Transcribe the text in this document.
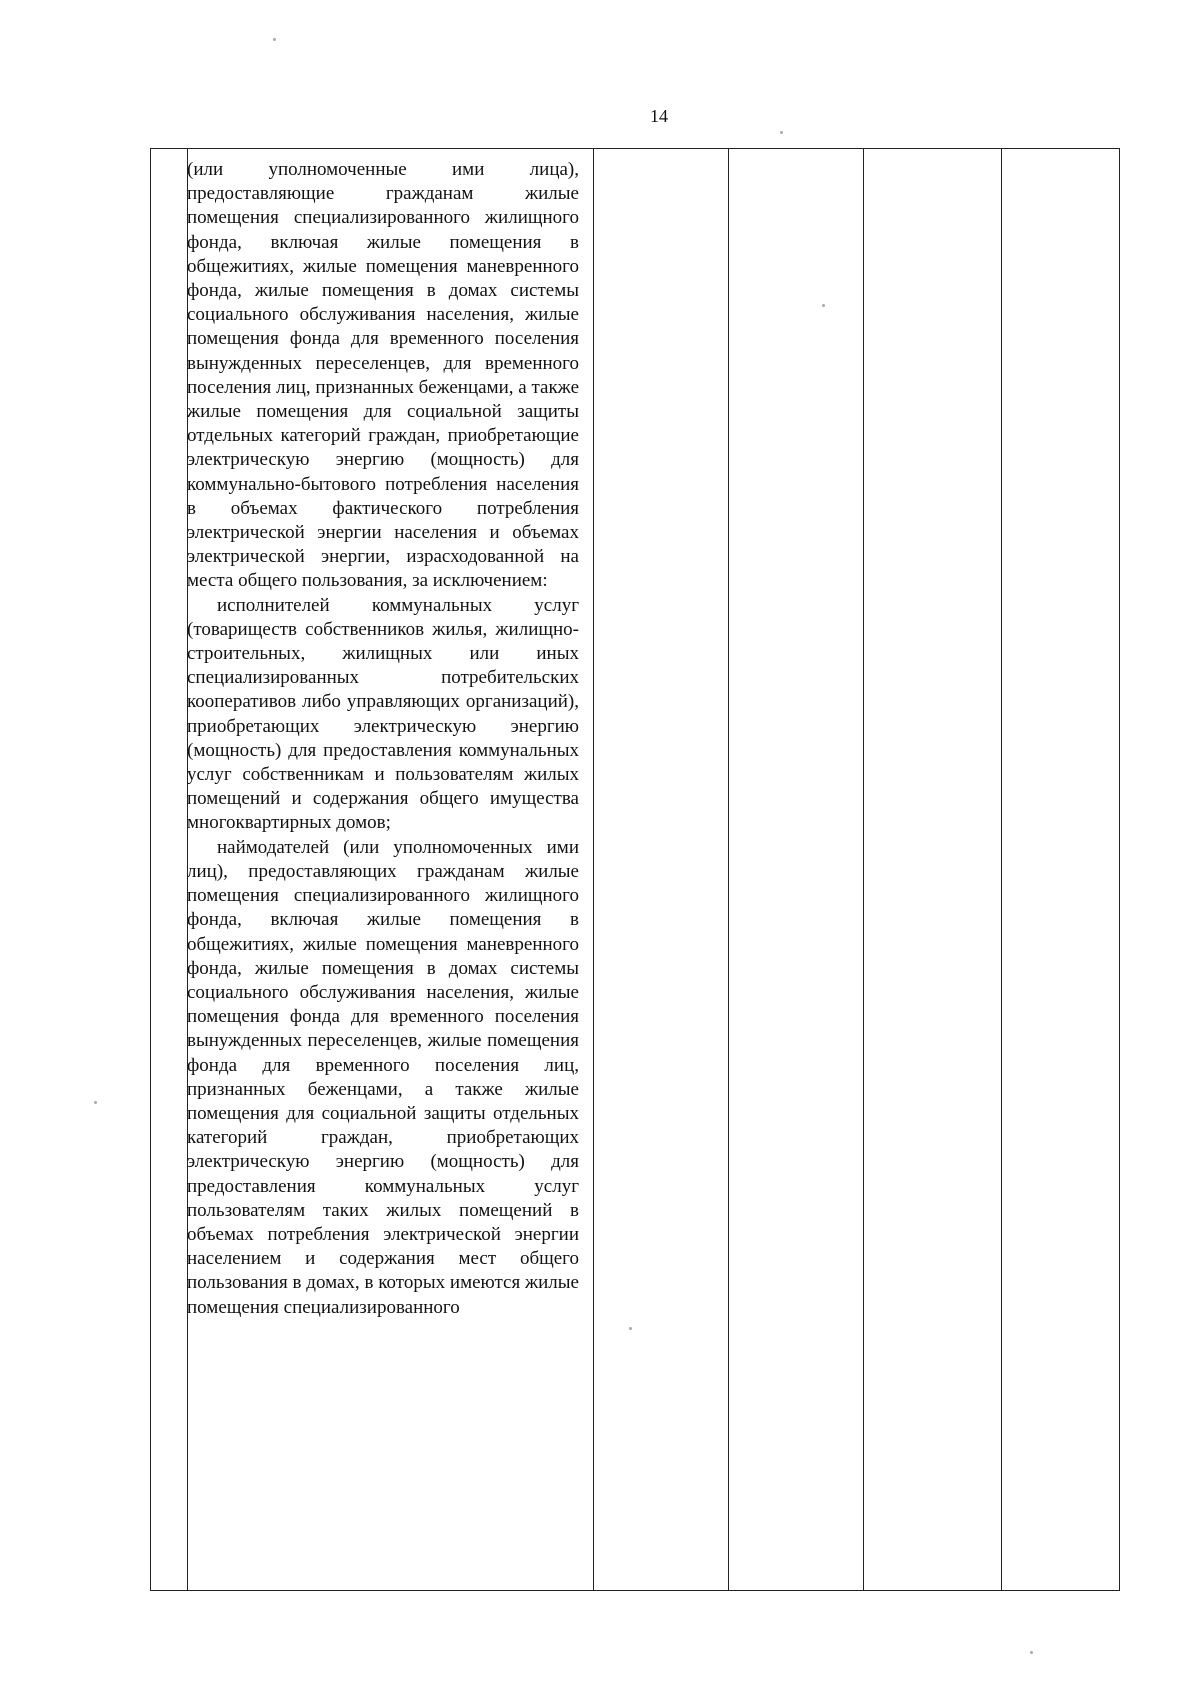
14

(или уполномоченные ими лица), предоставляющие гражданам жилые помещения специализированного жилищного фонда, включая жилые помещения в общежитиях, жилые помещения маневренного фонда, жилые помещения в домах системы социального обслуживания населения, жилые помещения фонда для временного поселения вынужденных переселенцев, для временного поселения лиц, признанных беженцами, а также жилые помещения для социальной защиты отдельных категорий граждан, приобретающие электрическую энергию (мощность) для коммунально-бытового потребления населения в объемах фактического потребления электрической энергии населения и объемах электрической энергии, израсходованной на места общего пользования, за исключением:

исполнителей коммунальных услуг (товариществ собственников жилья, жилищно-строительных, жилищных или иных специализированных потребительских кооперативов либо управляющих организаций), приобретающих электрическую энергию (мощность) для предоставления коммунальных услуг собственникам и пользователям жилых помещений и содержания общего имущества многоквартирных домов;

наймодателей (или уполномоченных ими лиц), предоставляющих гражданам жилые помещения специализированного жилищного фонда, включая жилые помещения в общежитиях, жилые помещения маневренного фонда, жилые помещения в домах системы социального обслуживания населения, жилые помещения фонда для временного поселения вынужденных переселенцев, жилые помещения фонда для временного поселения лиц, признанных беженцами, а также жилые помещения для социальной защиты отдельных категорий граждан, приобретающих электрическую энергию (мощность) для предоставления коммунальных услуг пользователям таких жилых помещений в объемах потребления электрической энергии населением и содержания мест общего пользования в домах, в которых имеются жилые помещения специализированного
